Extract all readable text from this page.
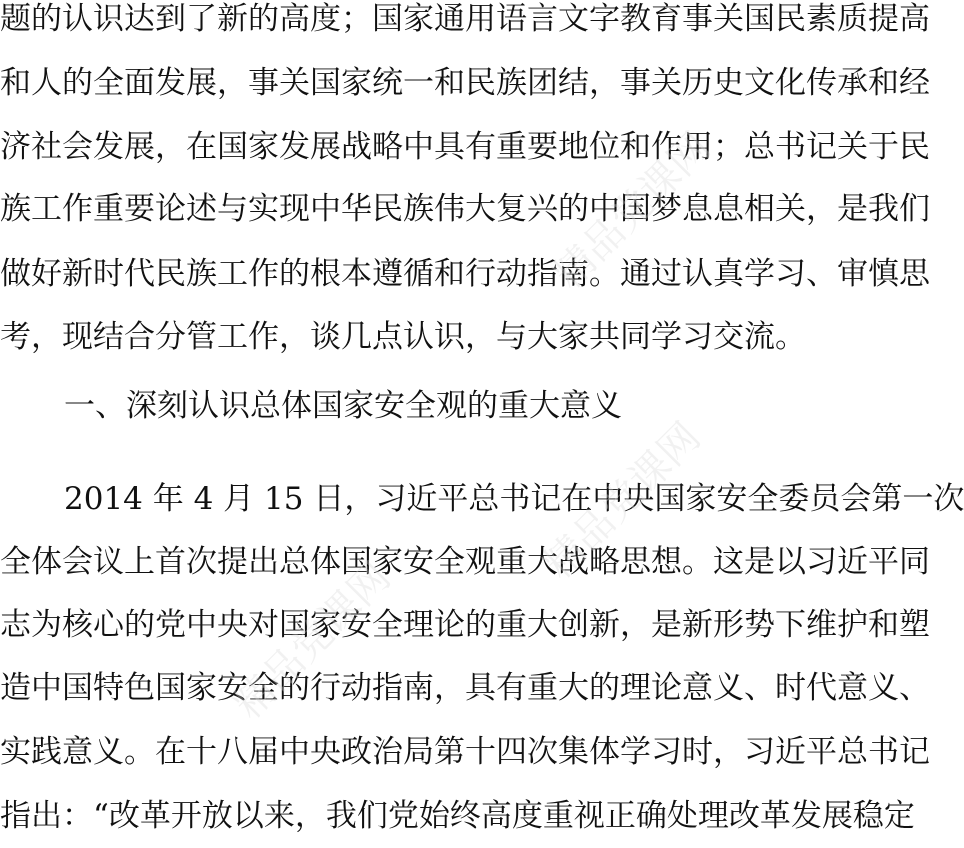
题的认识达到了新的高度；国家通用语言文字教育事关国民素质提高
和人的全面发展，事关国家统一和民族团结，事关历史文化传承和经
济社会发展，在国家发展战略中具有重要地位和作用；总书记关于民
族工作重要论述与实现中华民族伟大复兴的中国梦息息相关，是我们
做好新时代民族工作的根本遵循和行动指南。通过认真学习、审慎思
考，现结合分管工作，谈几点认识，与大家共同学习交流。
一、深刻认识总体国家安全观的重大意义
2014 年 4 月 15 日，习近平总书记在中央国家安全委员会第一次
全体会议上首次提出总体国家安全观重大战略思想。这是以习近平同
志为核心的党中央对国家安全理论的重大创新，是新形势下维护和塑
造中国特色国家安全的行动指南，具有重大的理论意义、时代意义、
实践意义。在十八届中央政治局第十四次集体学习时，习近平总书记
指出：“改革开放以来，我们党始终高度重视正确处理改革发展稳定
精品党课网
精品党课网
精品党课网
